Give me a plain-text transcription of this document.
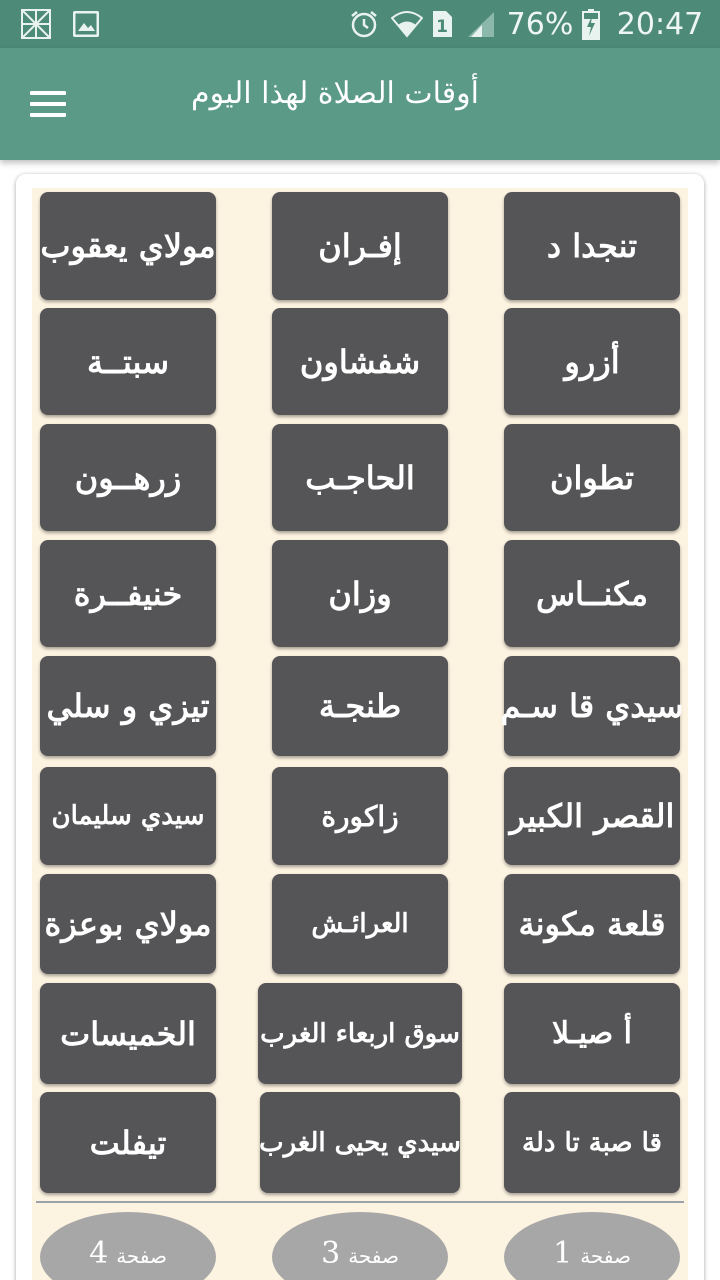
1 76% 20:47
أوقات الصلاة لهذا اليوم
تنجدا د
إفـران
مولاي يعقوب
أزرو
شفشاون
سبتــة
تطوان
الحاجـب
زرهــون
مكنــاس
وزان
خنيفــرة
سيدي قا سـم
طنجـة
تيزي و سلي
القصر الكبير
زاكورة
سيدي سليمان
قلعة مكونة
العرائـش
مولاي بوعزة
أ صيـلا
سوق اربعاء الغرب
الخميسات
قا صبة تا دلة
سيدي يحيى الغرب
تيفلت
صفحة
1
صفحة
3
صفحة
4
